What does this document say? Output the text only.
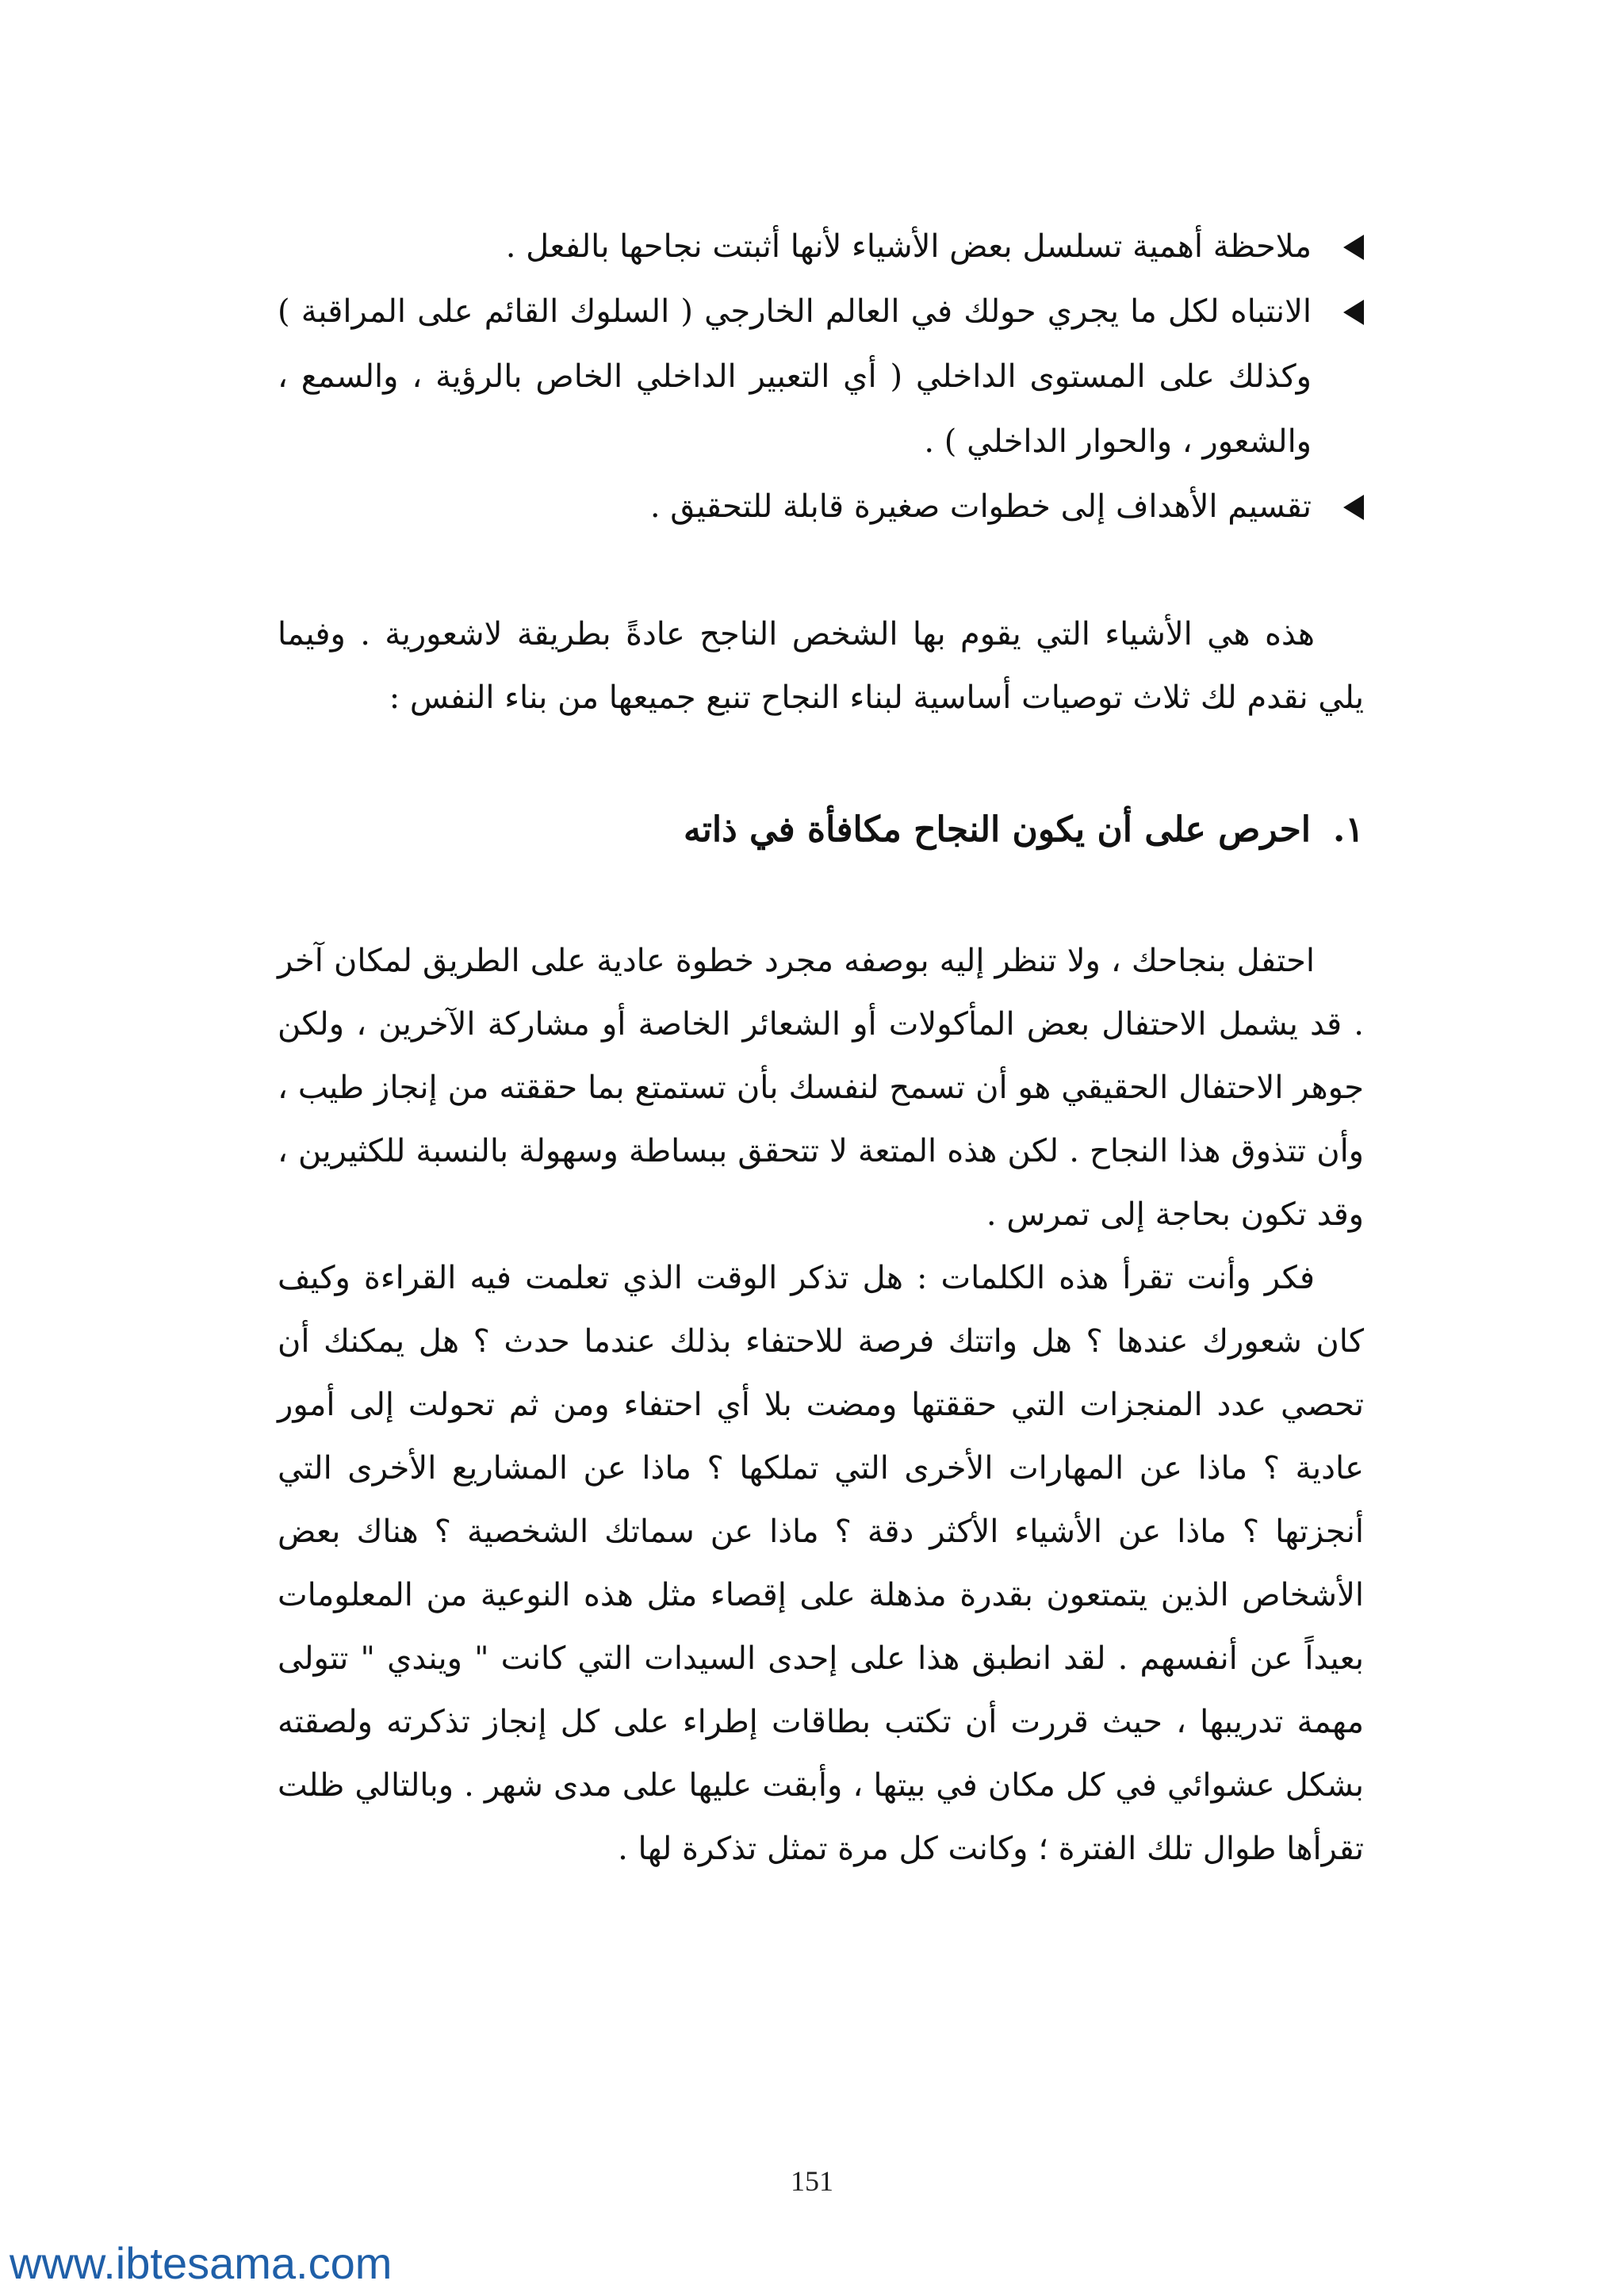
ملاحظة أهمية تسلسل بعض الأشياء لأنها أثبتت نجاحها بالفعل .
الانتباه لكل ما يجري حولك في العالم الخارجي ( السلوك القائم على المراقبة ) وكذلك على المستوى الداخلي ( أي التعبير الداخلي الخاص بالرؤية ، والسمع ، والشعور ، والحوار الداخلي ) .
تقسيم الأهداف إلى خطوات صغيرة قابلة للتحقيق .

هذه هي الأشياء التي يقوم بها الشخص الناجح عادةً بطريقة لاشعورية . وفيما يلي نقدم لك ثلاث توصيات أساسية لبناء النجاح تنبع جميعها من بناء النفس :

١.احرص على أن يكون النجاح مكافأة في ذاته

احتفل بنجاحك ، ولا تنظر إليه بوصفه مجرد خطوة عادية على الطريق لمكان آخر . قد يشمل الاحتفال بعض المأكولات أو الشعائر الخاصة أو مشاركة الآخرين ، ولكن جوهر الاحتفال الحقيقي هو أن تسمح لنفسك بأن تستمتع بما حققته من إنجاز طيب ، وأن تتذوق هذا النجاح . لكن هذه المتعة لا تتحقق ببساطة وسهولة بالنسبة للكثيرين ، وقد تكون بحاجة إلى تمرس .

فكر وأنت تقرأ هذه الكلمات : هل تذكر الوقت الذي تعلمت فيه القراءة وكيف كان شعورك عندها ؟ هل واتتك فرصة للاحتفاء بذلك عندما حدث ؟ هل يمكنك أن تحصي عدد المنجزات التي حققتها ومضت بلا أي احتفاء ومن ثم تحولت إلى أمور عادية ؟ ماذا عن المهارات الأخرى التي تملكها ؟ ماذا عن المشاريع الأخرى التي أنجزتها ؟ ماذا عن الأشياء الأكثر دقة ؟ ماذا عن سماتك الشخصية ؟ هناك بعض الأشخاص الذين يتمتعون بقدرة مذهلة على إقصاء مثل هذه النوعية من المعلومات بعيداً عن أنفسهم . لقد انطبق هذا على إحدى السيدات التي كانت " ويندي " تتولى مهمة تدريبها ، حيث قررت أن تكتب بطاقات إطراء على كل إنجاز تذكرته ولصقته بشكل عشوائي في كل مكان في بيتها ، وأبقت عليها على مدى شهر . وبالتالي ظلت تقرأها طوال تلك الفترة ؛ وكانت كل مرة تمثل تذكرة لها .

151
www.ibtesama.com
